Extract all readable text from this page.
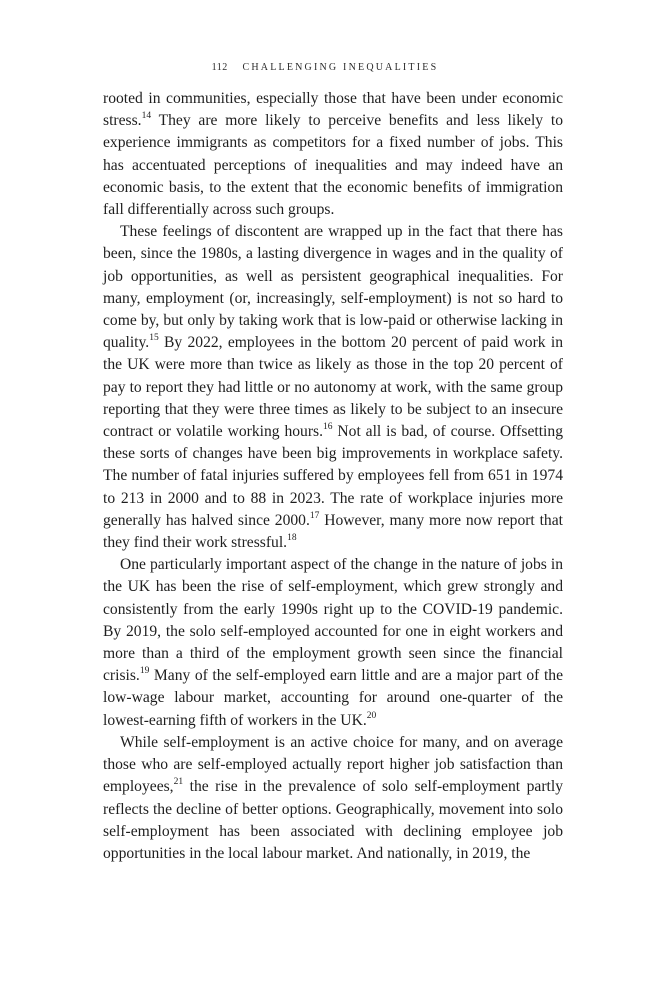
112 CHALLENGING INEQUALITIES

rooted in communities, especially those that have been under economic stress.$^{14}$ They are more likely to perceive benefits and less likely to experience immigrants as competitors for a fixed number of jobs. This has accentuated perceptions of inequalities and may indeed have an economic basis, to the extent that the economic benefits of immigration fall differentially across such groups.

These feelings of discontent are wrapped up in the fact that there has been, since the 1980s, a lasting divergence in wages and in the quality of job opportunities, as well as persistent geographical inequalities. For many, employment (or, increasingly, self-employment) is not so hard to come by, but only by taking work that is low-paid or otherwise lacking in quality.$^{15}$ By 2022, employees in the bottom 20 percent of paid work in the UK were more than twice as likely as those in the top 20 percent of pay to report they had little or no autonomy at work, with the same group reporting that they were three times as likely to be subject to an insecure contract or volatile working hours.$^{16}$ Not all is bad, of course. Offsetting these sorts of changes have been big improvements in workplace safety. The number of fatal injuries suffered by employees fell from 651 in 1974 to 213 in 2000 and to 88 in 2023. The rate of workplace injuries more generally has halved since 2000.17 However, many more now report that they find their work stressful.$^{18}$

One particularly important aspect of the change in the nature of jobs in the UK has been the rise of self-employment, which grew strongly and consistently from the early 1990s right up to the COVID-19 pandemic. By 2019, the solo self-employed accounted for one in eight workers and more than a third of the employment growth seen since the financial crisis.$^{19}$ Many of the self-employed earn little and are a major part of the low-wage labour market, accounting for around one-quarter of the lowest-earning fifth of workers in the UK.$^{20}$

While self-employment is an active choice for many, and on average those who are self-employed actually report higher job satisfaction than employees,$^{21}$ the rise in the prevalence of solo self-employment partly reflects the decline of better options. Geographically, movement into solo self-employment has been associated with declining employee job opportunities in the local labour market. And nationally, in 2019, the
